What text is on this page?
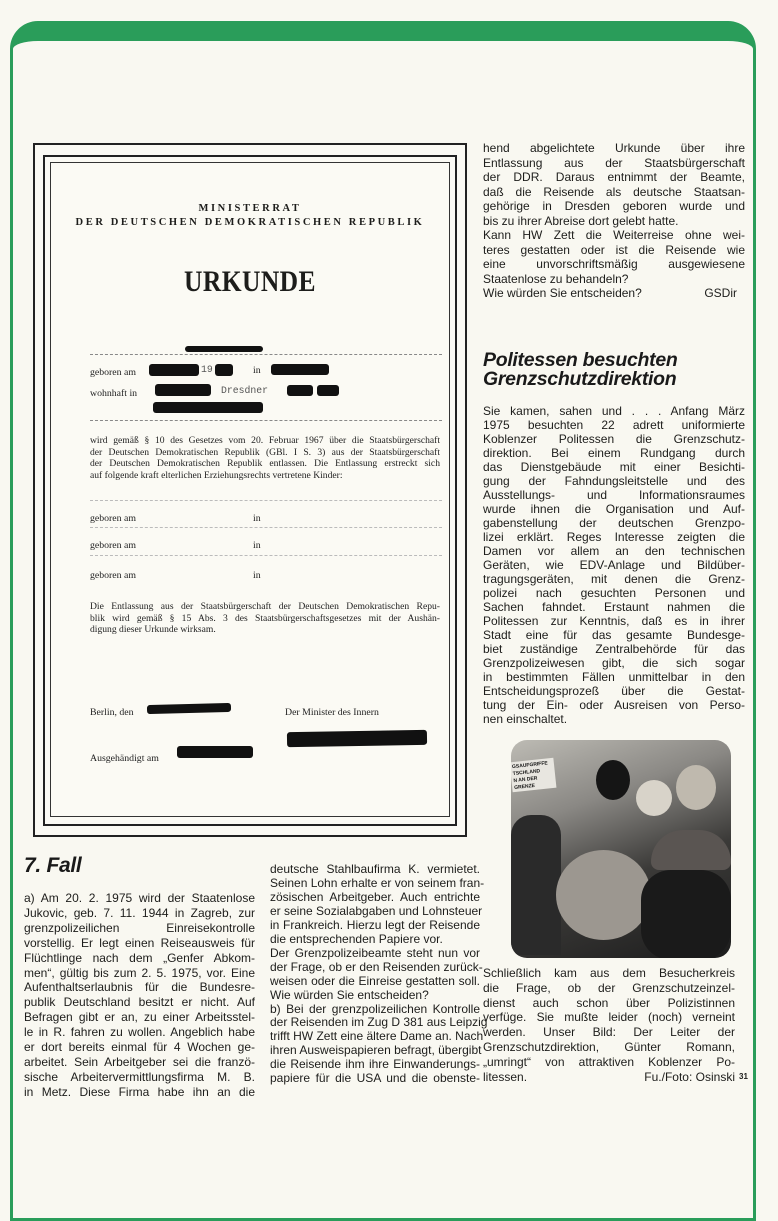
MINISTERRAT
DER DEUTSCHEN DEMOKRATISCHEN REPUBLIK
URKUNDE
geboren am	19	in
wohnhaft in	Dresdner
wird gemäß § 10 des Gesetzes vom 20. Februar 1967 über die Staatsbürgerschaft
der Deutschen Demokratischen Republik (GBl. I S. 3) aus der Staatsbürgerschaft
der Deutschen Demokratischen Republik entlassen. Die Entlassung erstreckt sich
auf folgende kraft elterlichen Erziehungsrechts vertretene Kinder:
geboren am	in
geboren am	in
geboren am	in
Die Entlassung aus der Staatsbürgerschaft der Deutschen Demokratischen Repu-
blik wird gemäß § 15 Abs. 3 des Staatsbürgerschaftsgesetzes mit der Aushän-
digung dieser Urkunde wirksam.
Berlin, den	Der Minister des Innern
Ausgehändigt am
hend abgelichtete Urkunde über ihre
Entlassung aus der Staatsbürgerschaft
der DDR. Daraus entnimmt der Beamte,
daß die Reisende als deutsche Staatsan-
gehörige in Dresden geboren wurde und
bis zu ihrer Abreise dort gelebt hatte.
Kann HW Zett die Weiterreise ohne wei-
teres gestatten oder ist die Reisende wie
eine unvorschriftsmäßig ausgewiesene
Staatenlose zu behandeln?
Wie würden Sie entscheiden?	GSDir
Politessen besuchten
Grenzschutzdirektion
Sie kamen, sahen und . . . Anfang März
1975 besuchten 22 adrett uniformierte
Koblenzer Politessen die Grenzschutz-
direktion. Bei einem Rundgang durch
das Dienstgebäude mit einer Besichti-
gung der Fahndungsleitstelle und des
Ausstellungs- und Informationsraumes
wurde ihnen die Organisation und Auf-
gabenstellung der deutschen Grenzpo-
lizei erklärt. Reges Interesse zeigten die
Damen vor allem an den technischen
Geräten, wie EDV-Anlage und Bildüber-
tragungsgeräten, mit denen die Grenz-
polizei nach gesuchten Personen und
Sachen fahndet. Erstaunt nahmen die
Politessen zur Kenntnis, daß es in ihrer
Stadt eine für das gesamte Bundesge-
biet zuständige Zentralbehörde für das
Grenzpolizeiwesen gibt, die sich sogar
in bestimmten Fällen unmittelbar in den
Entscheidungsprozeß über die Gestat-
tung der Ein- oder Ausreisen von Perso-
nen einschaltet.
GSAUFGRIFFE
TSCHLAND
N AN DER GRENZE
Schließlich kam aus dem Besucherkreis
die Frage, ob der Grenzschutzeinzel-
dienst auch schon über Polizistinnen
verfüge. Sie mußte leider (noch) verneint
werden. Unser Bild: Der Leiter der
Grenzschutzdirektion, Günter Romann,
„umringt“ von attraktiven Koblenzer Po-
litessen.	Fu./Foto: Osinski 31
7. Fall
a) Am 20. 2. 1975 wird der Staatenlose
Jukovic, geb. 7. 11. 1944 in Zagreb, zur
grenzpolizeilichen Einreisekontrolle
vorstellig. Er legt einen Reiseausweis für
Flüchtlinge nach dem „Genfer Abkom-
men“, gültig bis zum 2. 5. 1975, vor. Eine
Aufenthaltserlaubnis für die Bundesre-
publik Deutschland besitzt er nicht. Auf
Befragen gibt er an, zu einer Arbeitsstel-
le in R. fahren zu wollen. Angeblich habe
er dort bereits einmal für 4 Wochen ge-
arbeitet. Sein Arbeitgeber sei die franzö-
sische Arbeitervermittlungsfirma M. B.
in Metz. Diese Firma habe ihn an die
deutsche Stahlbaufirma K. vermietet.
Seinen Lohn erhalte er von seinem fran-
zösischen Arbeitgeber. Auch entrichte
er seine Sozialabgaben und Lohnsteuer
in Frankreich. Hierzu legt der Reisende
die entsprechenden Papiere vor.
Der Grenzpolizeibeamte steht nun vor
der Frage, ob er den Reisenden zurück-
weisen oder die Einreise gestatten soll.
Wie würden Sie entscheiden?
b) Bei der grenzpolizeilichen Kontrolle
der Reisenden im Zug D 381 aus Leipzig
trifft HW Zett eine ältere Dame an. Nach
ihren Ausweispapieren befragt, übergibt
die Reisende ihm ihre Einwanderungs-
papiere für die USA und die obenste-
